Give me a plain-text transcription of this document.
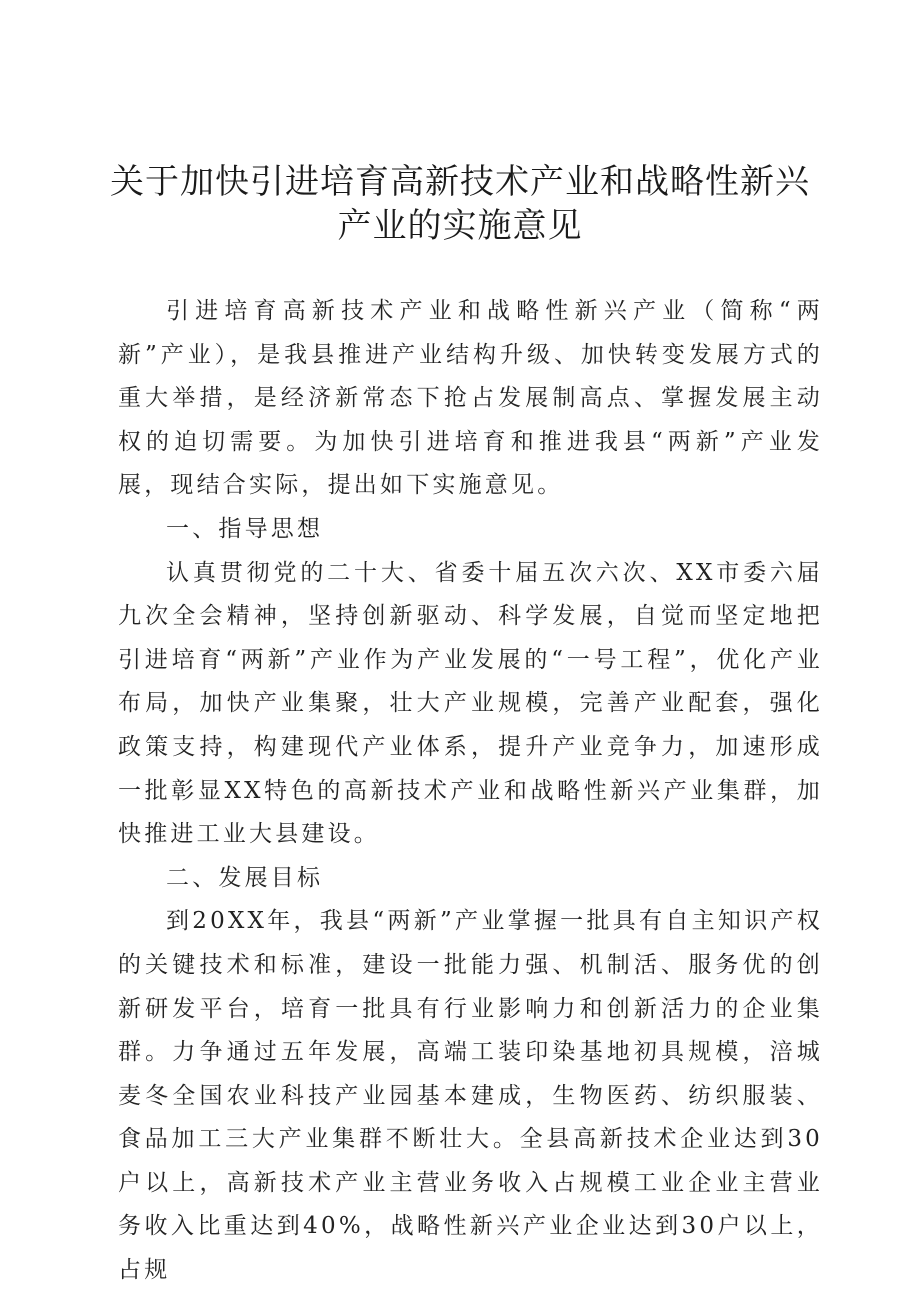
关于加快引进培育高新技术产业和战略性新兴
产业的实施意见

引进培育高新技术产业和战略性新兴产业（简称“两新”产业），是我县推进产业结构升级、加快转变发展方式的重大举措，是经济新常态下抢占发展制高点、掌握发展主动权的迫切需要。为加快引进培育和推进我县“两新”产业发展，现结合实际，提出如下实施意见。

一、指导思想

认真贯彻党的二十大、省委十届五次六次、XX市委六届九次全会精神，坚持创新驱动、科学发展，自觉而坚定地把引进培育“两新”产业作为产业发展的“一号工程”，优化产业布局，加快产业集聚，壮大产业规模，完善产业配套，强化政策支持，构建现代产业体系，提升产业竞争力，加速形成一批彰显XX特色的高新技术产业和战略性新兴产业集群，加快推进工业大县建设。

二、发展目标

到20XX年，我县“两新”产业掌握一批具有自主知识产权的关键技术和标准，建设一批能力强、机制活、服务优的创新研发平台，培育一批具有行业影响力和创新活力的企业集群。力争通过五年发展，高端工装印染基地初具规模，涪城麦冬全国农业科技产业园基本建成，生物医药、纺织服装、食品加工三大产业集群不断壮大。全县高新技术企业达到30户以上，高新技术产业主营业务收入占规模工业企业主营业务收入比重达到40%，战略性新兴产业企业达到30户以上，占规
